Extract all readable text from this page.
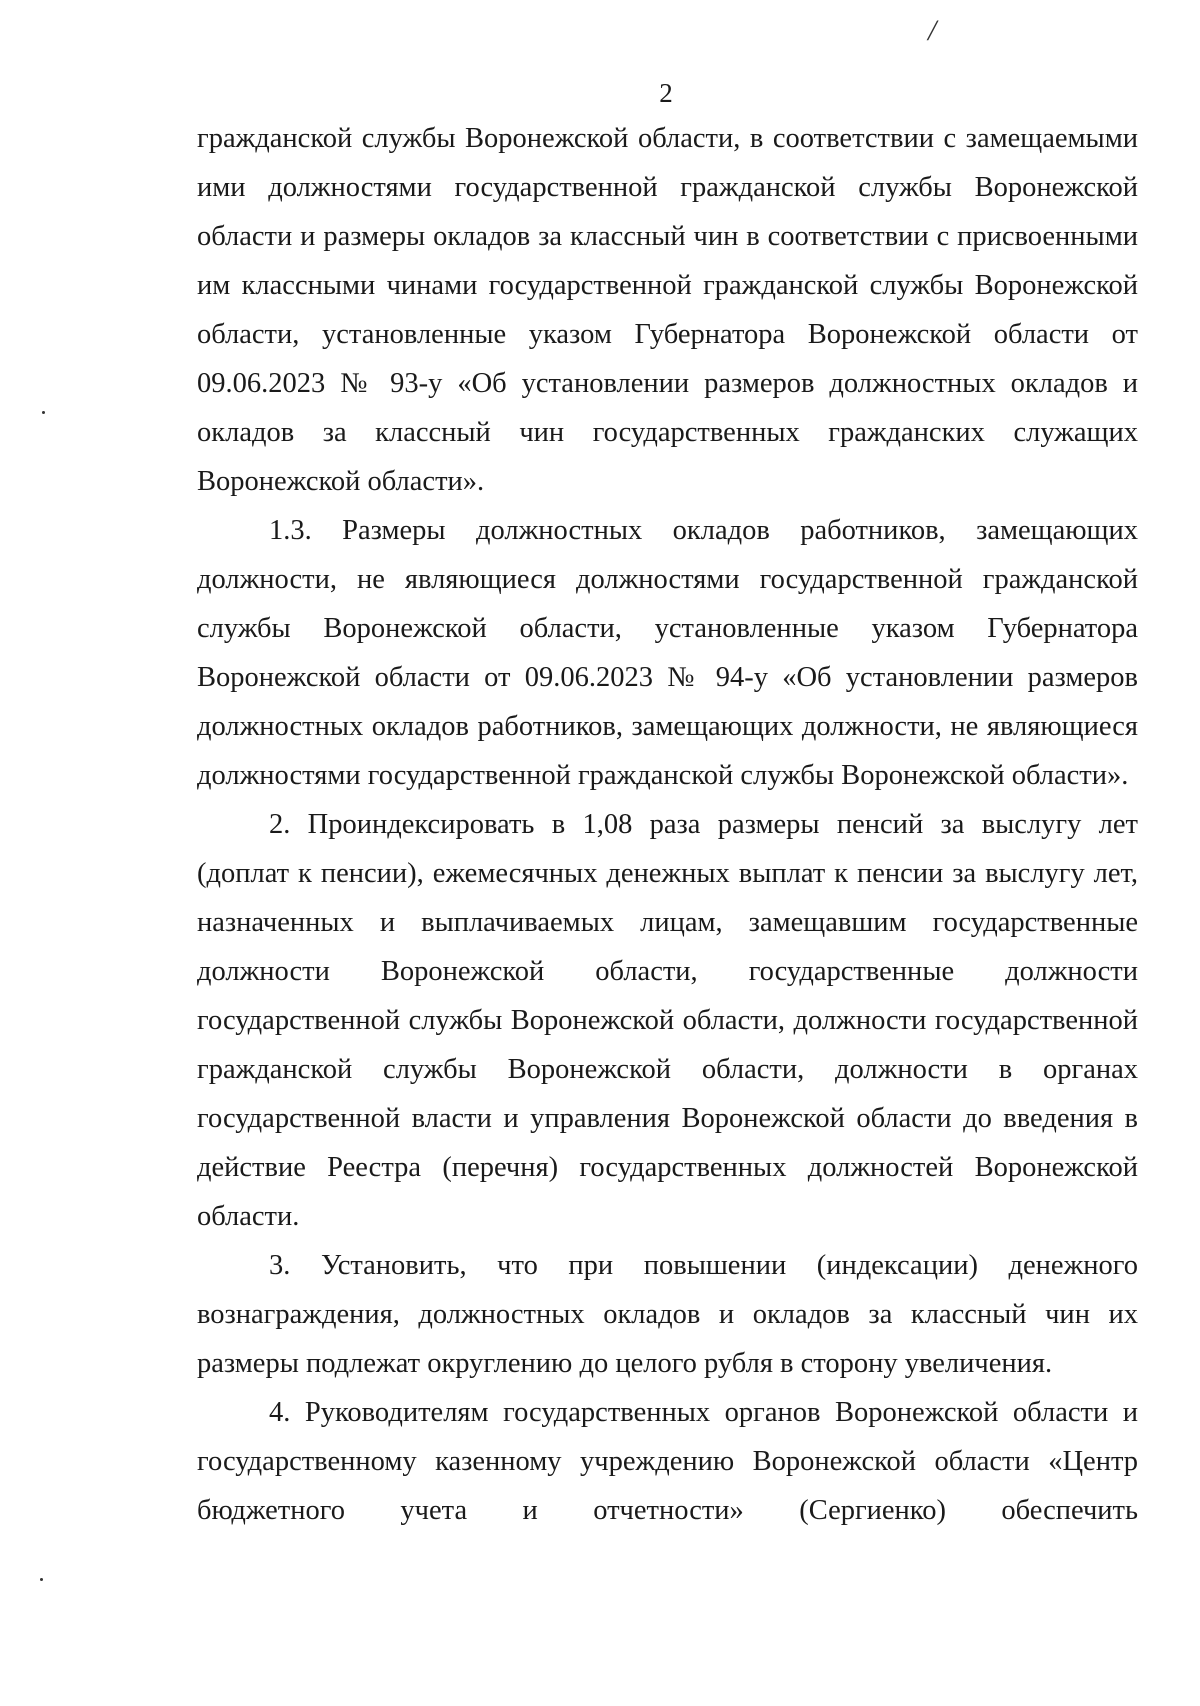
/
2

гражданской службы Воронежской области, в соответствии с замещаемыми ими должностями государственной гражданской службы Воронежской области и размеры окладов за классный чин в соответствии с присвоенными им классными чинами государственной гражданской службы Воронежской области, установленные указом Губернатора Воронежской области от 09.06.2023 № 93-у «Об установлении размеров должностных окладов и окладов за классный чин государственных гражданских служащих Воронежской области».

1.3. Размеры должностных окладов работников, замещающих должности, не являющиеся должностями государственной гражданской службы Воронежской области, установленные указом Губернатора Воронежской области от 09.06.2023 № 94-у «Об установлении размеров должностных окладов работников, замещающих должности, не являющиеся должностями государственной гражданской службы Воронежской области».

2. Проиндексировать в 1,08 раза размеры пенсий за выслугу лет (доплат к пенсии), ежемесячных денежных выплат к пенсии за выслугу лет, назначенных и выплачиваемых лицам, замещавшим государственные должности Воронежской области, государственные должности государственной службы Воронежской области, должности государственной гражданской службы Воронежской области, должности в органах государственной власти и управления Воронежской области до введения в действие Реестра (перечня) государственных должностей Воронежской области.

3. Установить, что при повышении (индексации) денежного вознаграждения, должностных окладов и окладов за классный чин их размеры подлежат округлению до целого рубля в сторону увеличения.

4. Руководителям государственных органов Воронежской области и государственному казенному учреждению Воронежской области «Центр бюджетного учета и отчетности» (Сергиенко) обеспечить
